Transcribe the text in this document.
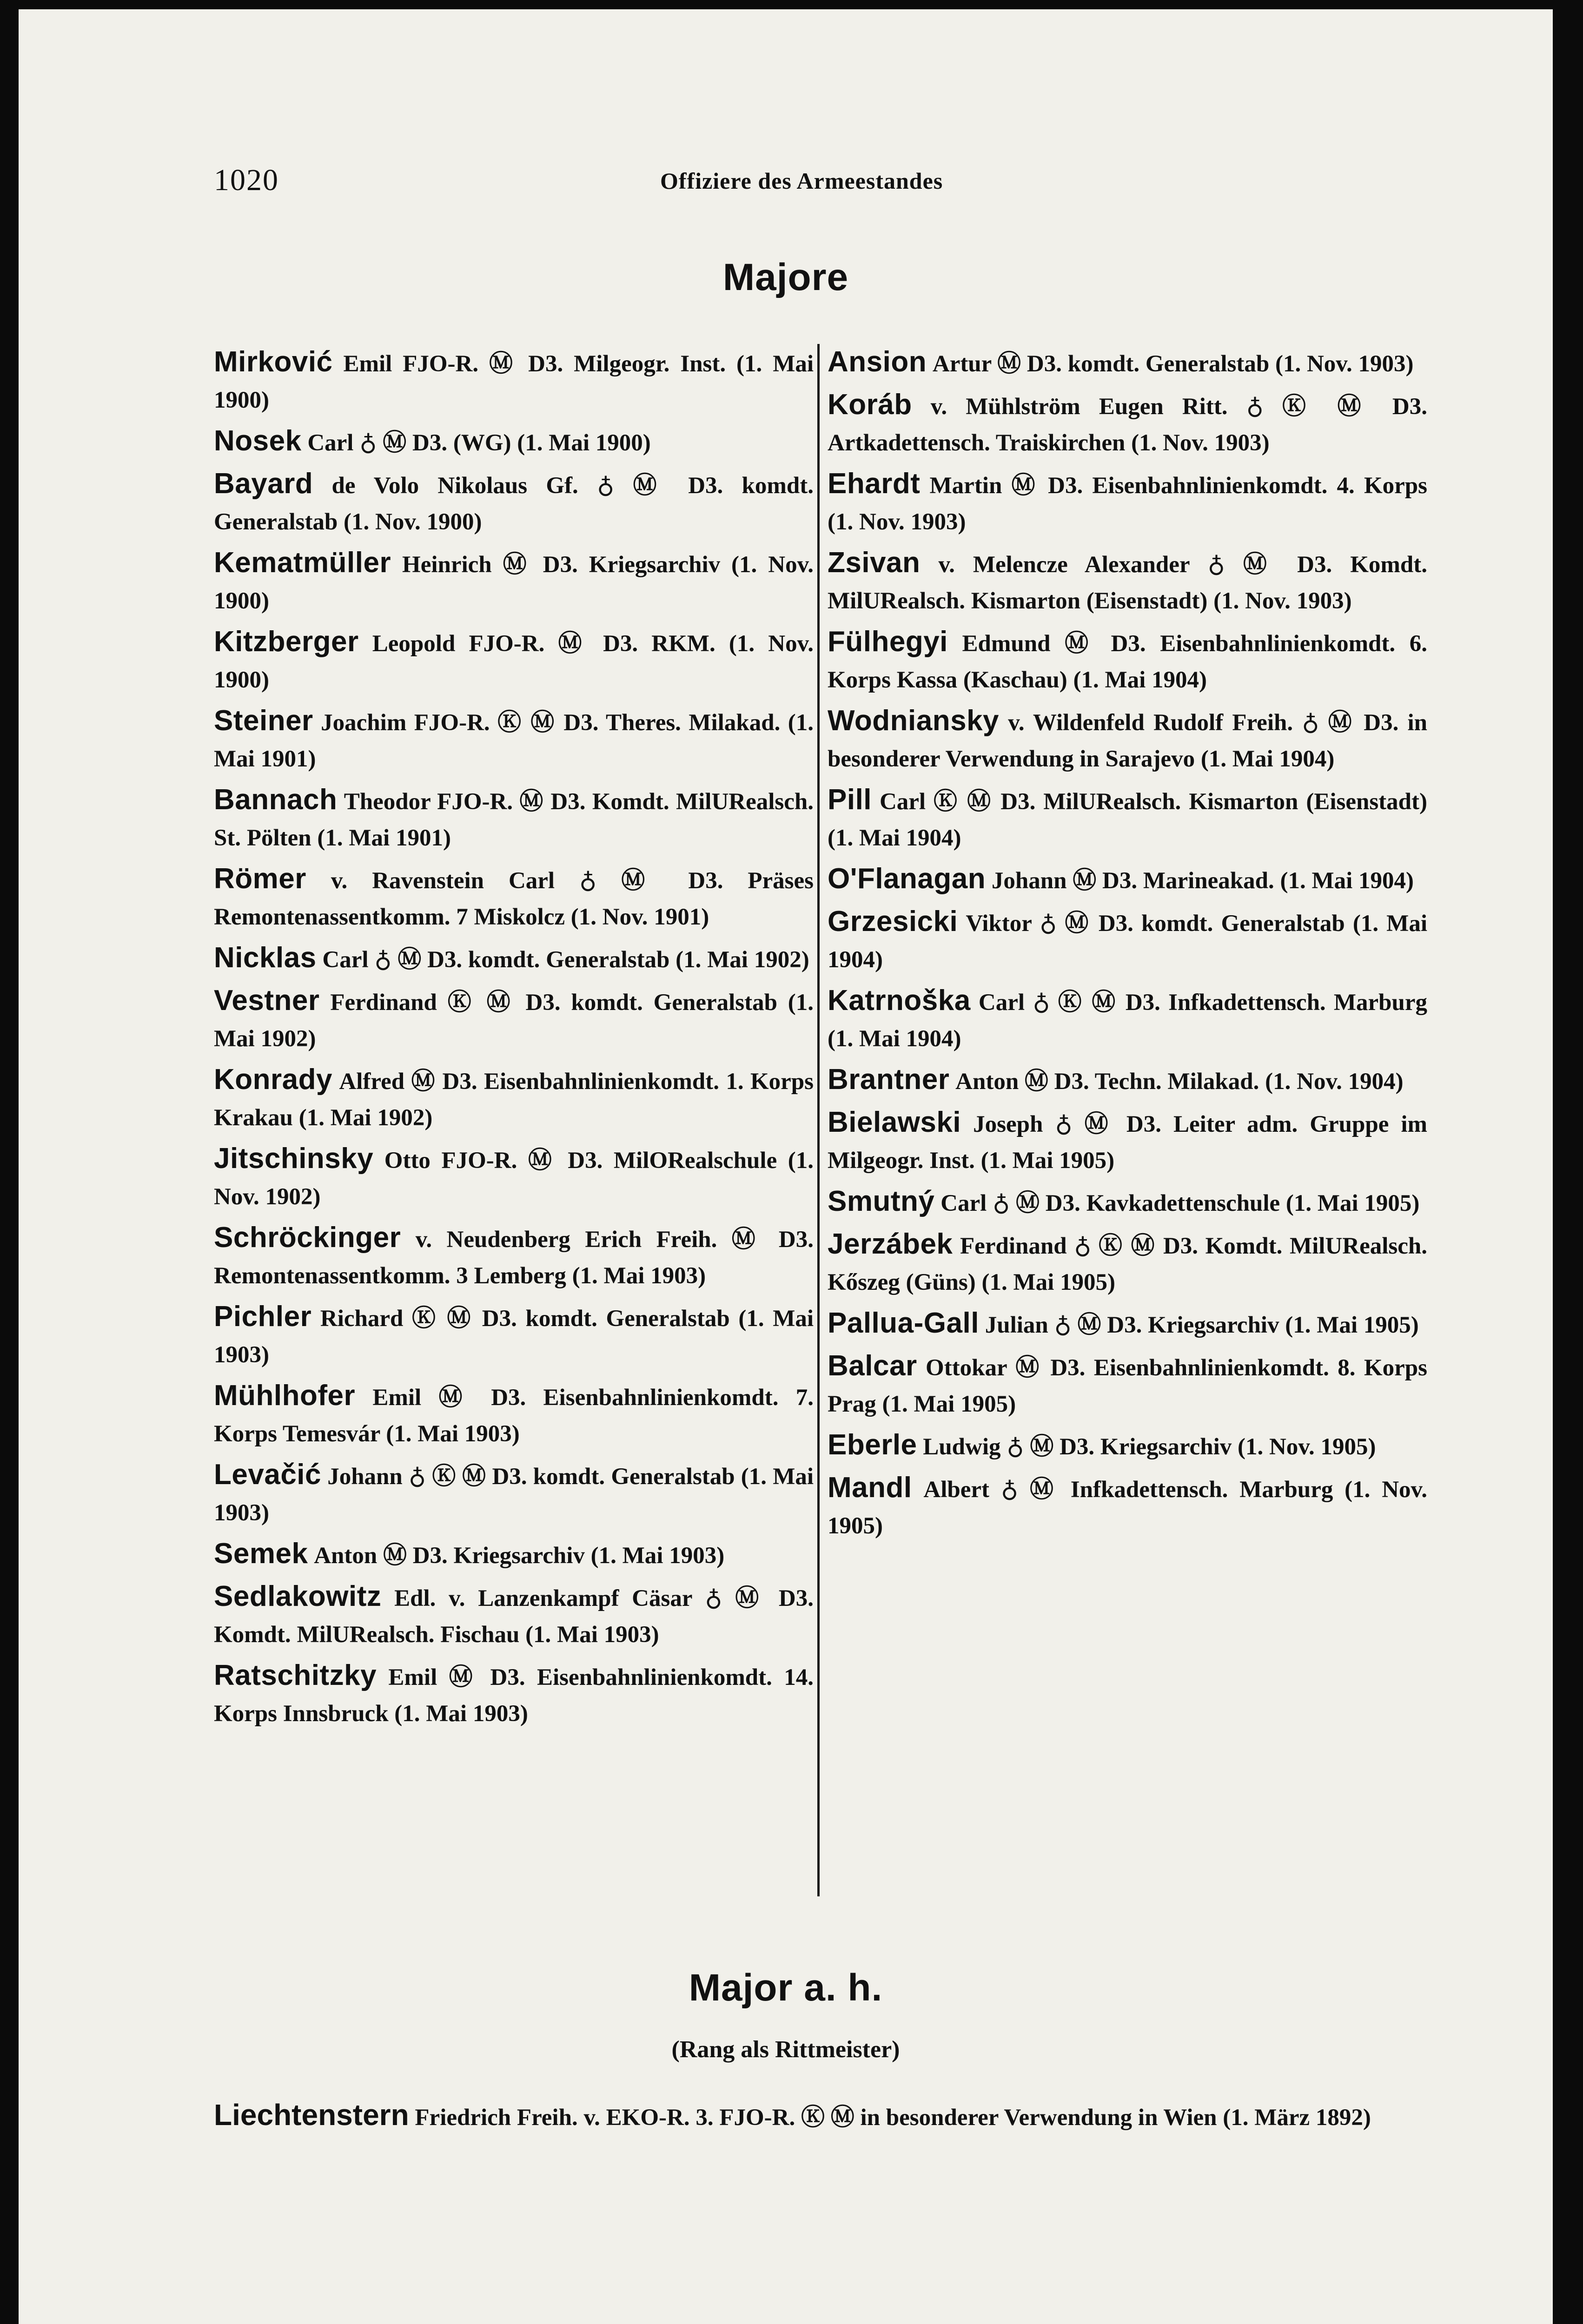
1020	Offiziere des Armeestandes
Majore
Mirković Emil FJO-R. Ⓜ D3. Milgeogr. Inst. (1. Mai 1900)
Nosek Carl ♁ Ⓜ D3. (WG) (1. Mai 1900)
Bayard de Volo Nikolaus Gf. ♁ Ⓜ D3. komdt. Generalstab (1. Nov. 1900)
Kematmüller Heinrich Ⓜ D3. Kriegsarchiv (1. Nov. 1900)
Kitzberger Leopold FJO-R. Ⓜ D3. RKM. (1. Nov. 1900)
Steiner Joachim FJO-R. Ⓚ Ⓜ D3. Theres. Milakad. (1. Mai 1901)
Bannach Theodor FJO-R. Ⓜ D3. Komdt. MilURealsch. St. Pölten (1. Mai 1901)
Römer v. Ravenstein Carl ♁ Ⓜ D3. Präses Remontenassentkomm. 7 Miskolcz (1. Nov. 1901)
Nicklas Carl ♁ Ⓜ D3. komdt. Generalstab (1. Mai 1902)
Vestner Ferdinand Ⓚ Ⓜ D3. komdt. Generalstab (1. Mai 1902)
Konrady Alfred Ⓜ D3. Eisenbahnlinienkomdt. 1. Korps Krakau (1. Mai 1902)
Jitschinsky Otto FJO-R. Ⓜ D3. MilORealschule (1. Nov. 1902)
Schröckinger v. Neudenberg Erich Freih. Ⓜ D3. Remontenassentkomm. 3 Lemberg (1. Mai 1903)
Pichler Richard Ⓚ Ⓜ D3. komdt. Generalstab (1. Mai 1903)
Mühlhofer Emil Ⓜ D3. Eisenbahnlinienkomdt. 7. Korps Temesvár (1. Mai 1903)
Levačić Johann ♁ Ⓚ Ⓜ D3. komdt. Generalstab (1. Mai 1903)
Semek Anton Ⓜ D3. Kriegsarchiv (1. Mai 1903)
Sedlakowitz Edl. v. Lanzenkampf Cäsar ♁ Ⓜ D3. Komdt. MilURealsch. Fischau (1. Mai 1903)
Ratschitzky Emil Ⓜ D3. Eisenbahnlinienkomdt. 14. Korps Innsbruck (1. Mai 1903)
Ansion Artur Ⓜ D3. komdt. Generalstab (1. Nov. 1903)
Koráb v. Mühlström Eugen Ritt. ♁ Ⓚ Ⓜ D3. Artkadettensch. Traiskirchen (1. Nov. 1903)
Ehardt Martin Ⓜ D3. Eisenbahnlinienkomdt. 4. Korps (1. Nov. 1903)
Zsivan v. Melencze Alexander ♁ Ⓜ D3. Komdt. MilURealsch. Kismarton (Eisenstadt) (1. Nov. 1903)
Fülhegyi Edmund Ⓜ D3. Eisenbahnlinienkomdt. 6. Korps Kassa (Kaschau) (1. Mai 1904)
Wodniansky v. Wildenfeld Rudolf Freih. ♁ Ⓜ D3. in besonderer Verwendung in Sarajevo (1. Mai 1904)
Pill Carl Ⓚ Ⓜ D3. MilURealsch. Kismarton (Eisenstadt) (1. Mai 1904)
O'Flanagan Johann Ⓜ D3. Marineakad. (1. Mai 1904)
Grzesicki Viktor ♁ Ⓜ D3. komdt. Generalstab (1. Mai 1904)
Katrnoška Carl ♁ Ⓚ Ⓜ D3. Infkadettensch. Marburg (1. Mai 1904)
Brantner Anton Ⓜ D3. Techn. Milakad. (1. Nov. 1904)
Bielawski Joseph ♁ Ⓜ D3. Leiter adm. Gruppe im Milgeogr. Inst. (1. Mai 1905)
Smutný Carl ♁ Ⓜ D3. Kavkadettenschule (1. Mai 1905)
Jerzábek Ferdinand ♁ Ⓚ Ⓜ D3. Komdt. MilURealsch. Kőszeg (Güns) (1. Mai 1905)
Pallua-Gall Julian ♁ Ⓜ D3. Kriegsarchiv (1. Mai 1905)
Balcar Ottokar Ⓜ D3. Eisenbahnlinienkomdt. 8. Korps Prag (1. Mai 1905)
Eberle Ludwig ♁ Ⓜ D3. Kriegsarchiv (1. Nov. 1905)
Mandl Albert ♁ Ⓜ Infkadettensch. Marburg (1. Nov. 1905)
Major a. h.
(Rang als Rittmeister)
Liechtenstern Friedrich Freih. v. EKO-R. 3. FJO-R. Ⓚ Ⓜ in besonderer Verwendung in Wien (1. März 1892)
